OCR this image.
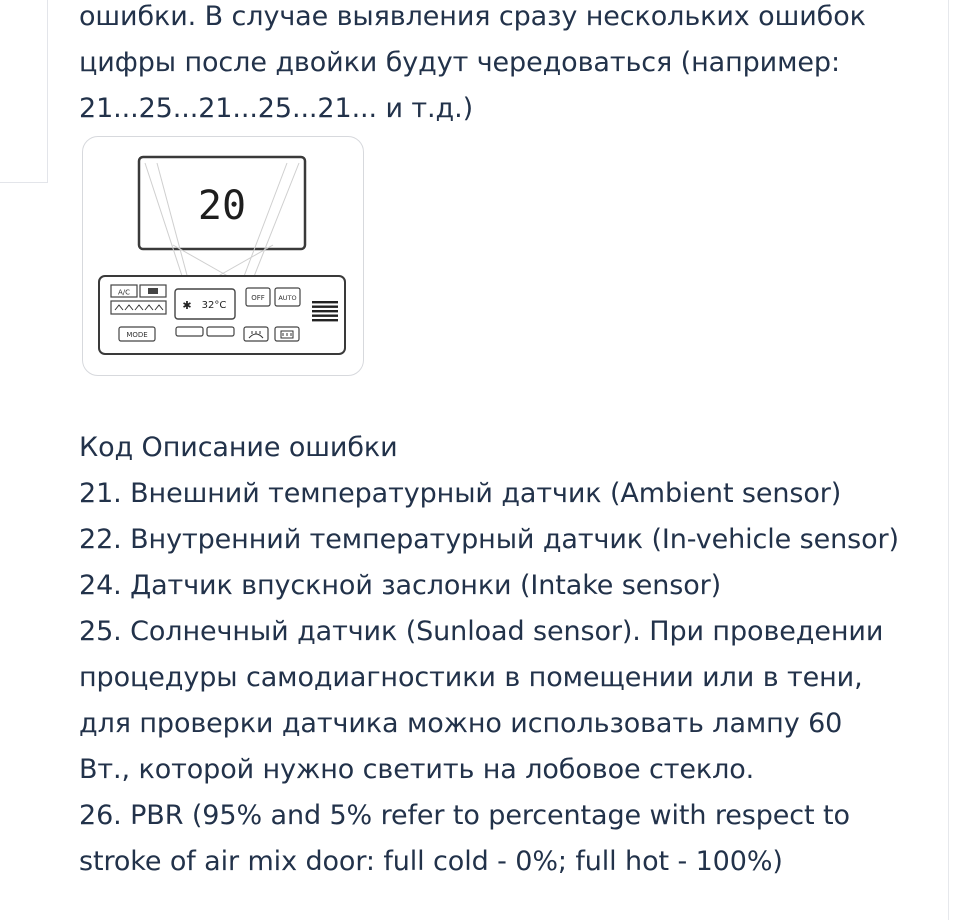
ошибки. В случае выявления сразу нескольких ошибок

цифры после двойки будут чередоваться (например:

21...25...21...25...21... и т.д.)

20
A/C
MODE
✱ 32°C
OFF AUTO

Код Описание ошибки

21. Внешний температурный датчик (Ambient sensor)

22. Внутренний температурный датчик (In-vehicle sensor)

24. Датчик впускной заслонки (Intake sensor)

25. Солнечный датчик (Sunload sensor). При проведении

процедуры самодиагностики в помещении или в тени,

для проверки датчика можно использовать лампу 60

Вт., которой нужно светить на лобовое стекло.

26. PBR (95% and 5% refer to percentage with respect to

stroke of air mix door: full cold - 0%; full hot - 100%)
